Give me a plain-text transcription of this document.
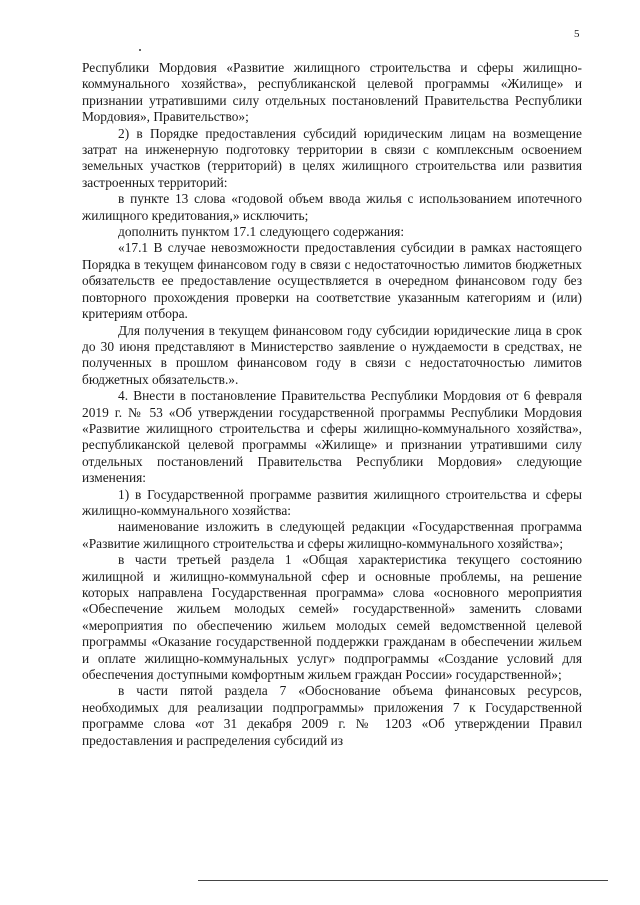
5

Республики Мордовия «Развитие жилищного строительства и сферы жилищно-коммунального хозяйства», республиканской целевой программы «Жилище» и признании утратившими силу отдельных постановлений Правительства Республики Мордовия», Правительство»;

2) в Порядке предоставления субсидий юридическим лицам на возмещение затрат на инженерную подготовку территории в связи с комплексным освоением земельных участков (территорий) в целях жилищного строительства или развития застроенных территорий:

в пункте 13 слова «годовой объем ввода жилья с использованием ипотечного жилищного кредитования,» исключить;

дополнить пунктом 17.1 следующего содержания:

«17.1 В случае невозможности предоставления субсидии в рамках настоящего Порядка в текущем финансовом году в связи с недостаточностью лимитов бюджетных обязательств ее предоставление осуществляется в очередном финансовом году без повторного прохождения проверки на соответствие указанным категориям и (или) критериям отбора.

Для получения в текущем финансовом году субсидии юридические лица в срок до 30 июня представляют в Министерство заявление о нуждаемости в средствах, не полученных в прошлом финансовом году в связи с недостаточностью лимитов бюджетных обязательств.».

4. Внести в постановление Правительства Республики Мордовия от 6 февраля 2019 г. № 53 «Об утверждении государственной программы Республики Мордовия «Развитие жилищного строительства и сферы жилищно-коммунального хозяйства», республиканской целевой программы «Жилище» и признании утратившими силу отдельных постановлений Правительства Республики Мордовия» следующие изменения:

1) в Государственной программе развития жилищного строительства и сферы жилищно-коммунального хозяйства:

наименование изложить в следующей редакции «Государственная программа «Развитие жилищного строительства и сферы жилищно-коммунального хозяйства»;

в части третьей раздела 1 «Общая характеристика текущего состоянию жилищной и жилищно-коммунальной сфер и основные проблемы, на решение которых направлена Государственная программа» слова «основного мероприятия «Обеспечение жильем молодых семей» государственной» заменить словами «мероприятия по обеспечению жильем молодых семей ведомственной целевой программы «Оказание государственной поддержки гражданам в обеспечении жильем и оплате жилищно-коммунальных услуг» подпрограммы «Создание условий для обеспечения доступными комфортным жильем граждан России» государственной»;

в части пятой раздела 7 «Обоснование объема финансовых ресурсов, необходимых для реализации подпрограммы» приложения 7 к Государственной программе слова «от 31 декабря 2009 г. № 1203 «Об утверждении Правил предоставления и распределения субсидий из
